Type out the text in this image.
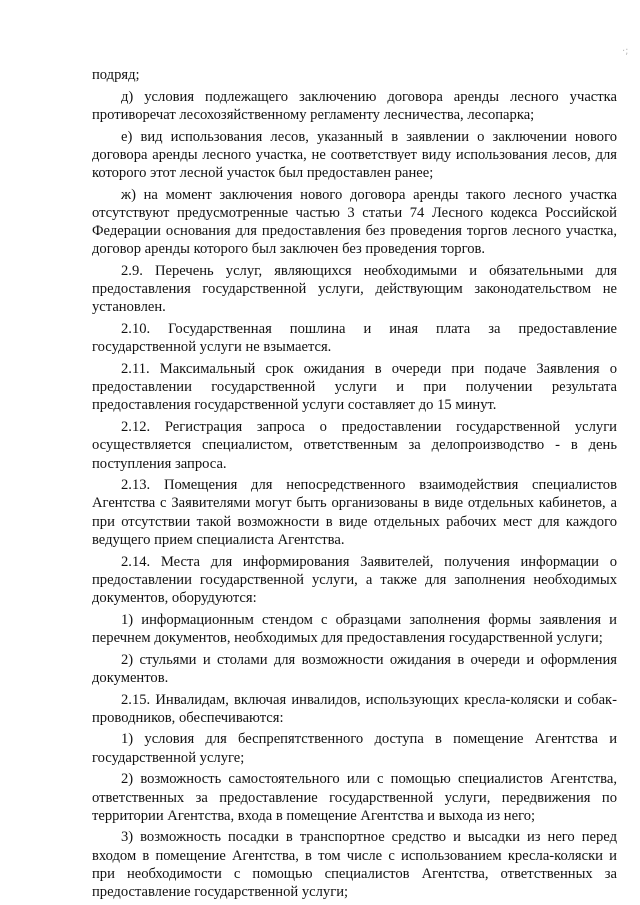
·;

подряд;

д) условия подлежащего заключению договора аренды лесного участка противоречат лесохозяйственному регламенту лесничества, лесопарка;

е) вид использования лесов, указанный в заявлении о заключении нового договора аренды лесного участка, не соответствует виду использования лесов, для которого этот лесной участок был предоставлен ранее;

ж) на момент заключения нового договора аренды такого лесного участка отсутствуют предусмотренные частью 3 статьи 74 Лесного кодекса Российской Федерации основания для предоставления без проведения торгов лесного участка, договор аренды которого был заключен без проведения торгов.

2.9. Перечень услуг, являющихся необходимыми и обязательными для предоставления государственной услуги, действующим законодательством не установлен.

2.10. Государственная пошлина и иная плата за предоставление государственной услуги не взымается.

2.11. Максимальный срок ожидания в очереди при подаче Заявления о предоставлении государственной услуги и при получении результата предоставления государственной услуги составляет до 15 минут.

2.12. Регистрация запроса о предоставлении государственной услуги осуществляется специалистом, ответственным за делопроизводство - в день поступления запроса.

2.13. Помещения для непосредственного взаимодействия специалистов Агентства с Заявителями могут быть организованы в виде отдельных кабинетов, а при отсутствии такой возможности в виде отдельных рабочих мест для каждого ведущего прием специалиста Агентства.

2.14. Места для информирования Заявителей, получения информации о предоставлении государственной услуги, а также для заполнения необходимых документов, оборудуются:

1) информационным стендом с образцами заполнения формы заявления и перечнем документов, необходимых для предоставления государственной услуги;

2) стульями и столами для возможности ожидания в очереди и оформления документов.

2.15. Инвалидам, включая инвалидов, использующих кресла-коляски и собак-проводников, обеспечиваются:

1) условия для беспрепятственного доступа в помещение Агентства и государственной услуге;

2) возможность самостоятельного или с помощью специалистов Агентства, ответственных за предоставление государственной услуги, передвижения по территории Агентства, входа в помещение Агентства и выхода из него;

3) возможность посадки в транспортное средство и высадки из него перед входом в помещение Агентства, в том числе с использованием кресла-коляски и при необходимости с помощью специалистов Агентства, ответственных за предоставление государственной услуги;
